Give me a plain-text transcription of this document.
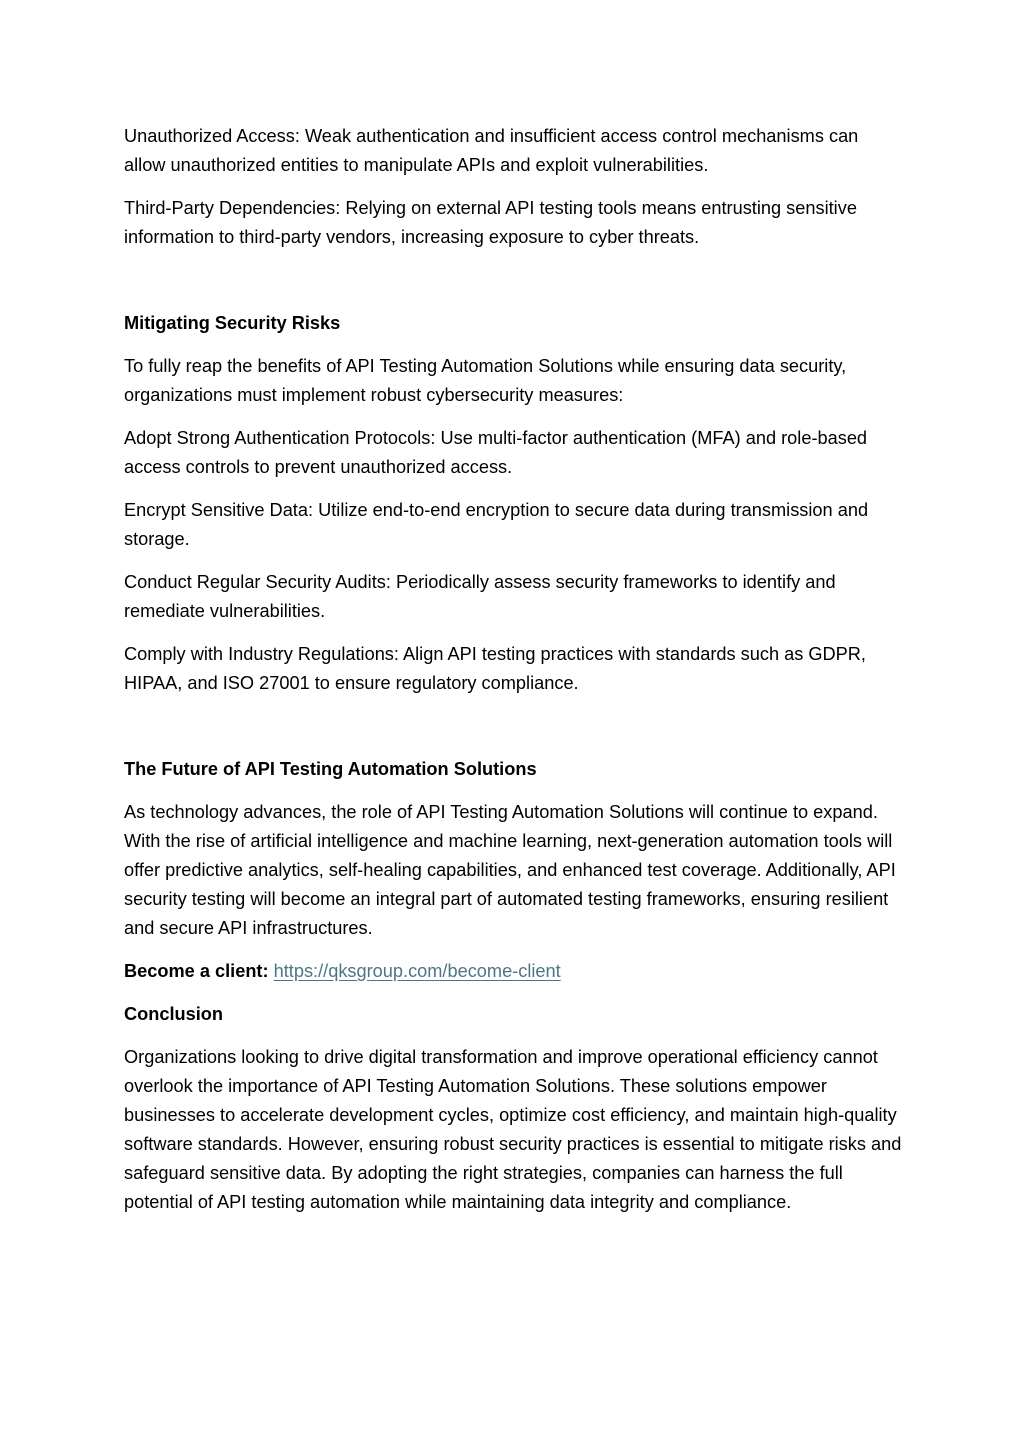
Unauthorized Access: Weak authentication and insufficient access control mechanisms can allow unauthorized entities to manipulate APIs and exploit vulnerabilities.

Third-Party Dependencies: Relying on external API testing tools means entrusting sensitive information to third-party vendors, increasing exposure to cyber threats.

Mitigating Security Risks

To fully reap the benefits of API Testing Automation Solutions while ensuring data security, organizations must implement robust cybersecurity measures:

Adopt Strong Authentication Protocols: Use multi-factor authentication (MFA) and role-based access controls to prevent unauthorized access.

Encrypt Sensitive Data: Utilize end-to-end encryption to secure data during transmission and storage.

Conduct Regular Security Audits: Periodically assess security frameworks to identify and remediate vulnerabilities.

Comply with Industry Regulations: Align API testing practices with standards such as GDPR, HIPAA, and ISO 27001 to ensure regulatory compliance.

The Future of API Testing Automation Solutions

As technology advances, the role of API Testing Automation Solutions will continue to expand. With the rise of artificial intelligence and machine learning, next-generation automation tools will offer predictive analytics, self-healing capabilities, and enhanced test coverage. Additionally, API security testing will become an integral part of automated testing frameworks, ensuring resilient and secure API infrastructures.

Become a client: https://qksgroup.com/become-client

Conclusion

Organizations looking to drive digital transformation and improve operational efficiency cannot overlook the importance of API Testing Automation Solutions. These solutions empower businesses to accelerate development cycles, optimize cost efficiency, and maintain high-quality software standards. However, ensuring robust security practices is essential to mitigate risks and safeguard sensitive data. By adopting the right strategies, companies can harness the full potential of API testing automation while maintaining data integrity and compliance.
